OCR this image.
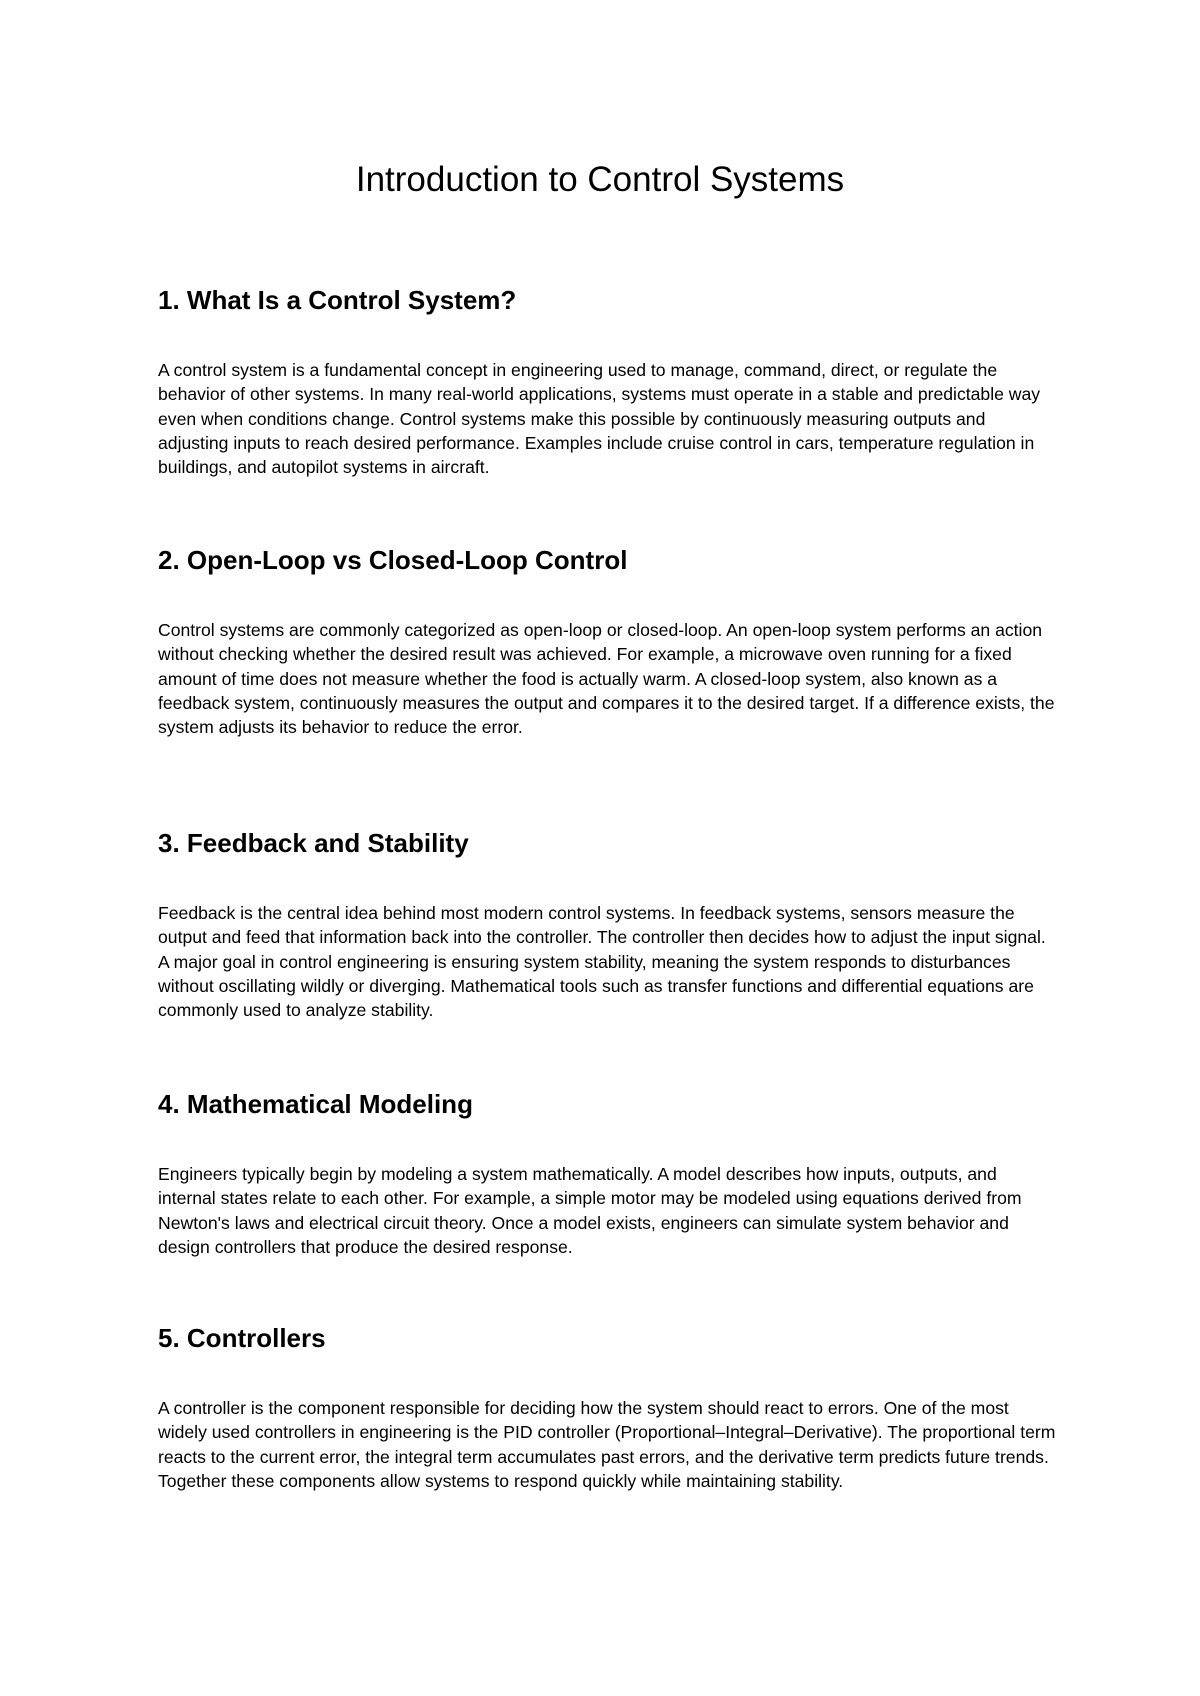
Introduction to Control Systems
1. What Is a Control System?

A control system is a fundamental concept in engineering used to manage, command, direct, or regulate the behavior of other systems. In many real-world applications, systems must operate in a stable and predictable way even when conditions change. Control systems make this possible by continuously measuring outputs and adjusting inputs to reach desired performance. Examples include cruise control in cars, temperature regulation in buildings, and autopilot systems in aircraft.

2. Open-Loop vs Closed-Loop Control

Control systems are commonly categorized as open-loop or closed-loop. An open-loop system performs an action without checking whether the desired result was achieved. For example, a microwave oven running for a fixed amount of time does not measure whether the food is actually warm. A closed-loop system, also known as a feedback system, continuously measures the output and compares it to the desired target. If a difference exists, the system adjusts its behavior to reduce the error.

3. Feedback and Stability

Feedback is the central idea behind most modern control systems. In feedback systems, sensors measure the output and feed that information back into the controller. The controller then decides how to adjust the input signal. A major goal in control engineering is ensuring system stability, meaning the system responds to disturbances without oscillating wildly or diverging. Mathematical tools such as transfer functions and differential equations are commonly used to analyze stability.

4. Mathematical Modeling

Engineers typically begin by modeling a system mathematically. A model describes how inputs, outputs, and internal states relate to each other. For example, a simple motor may be modeled using equations derived from Newton's laws and electrical circuit theory. Once a model exists, engineers can simulate system behavior and design controllers that produce the desired response.

5. Controllers

A controller is the component responsible for deciding how the system should react to errors. One of the most widely used controllers in engineering is the PID controller (Proportional–Integral–Derivative). The proportional term reacts to the current error, the integral term accumulates past errors, and the derivative term predicts future trends. Together these components allow systems to respond quickly while maintaining stability.
